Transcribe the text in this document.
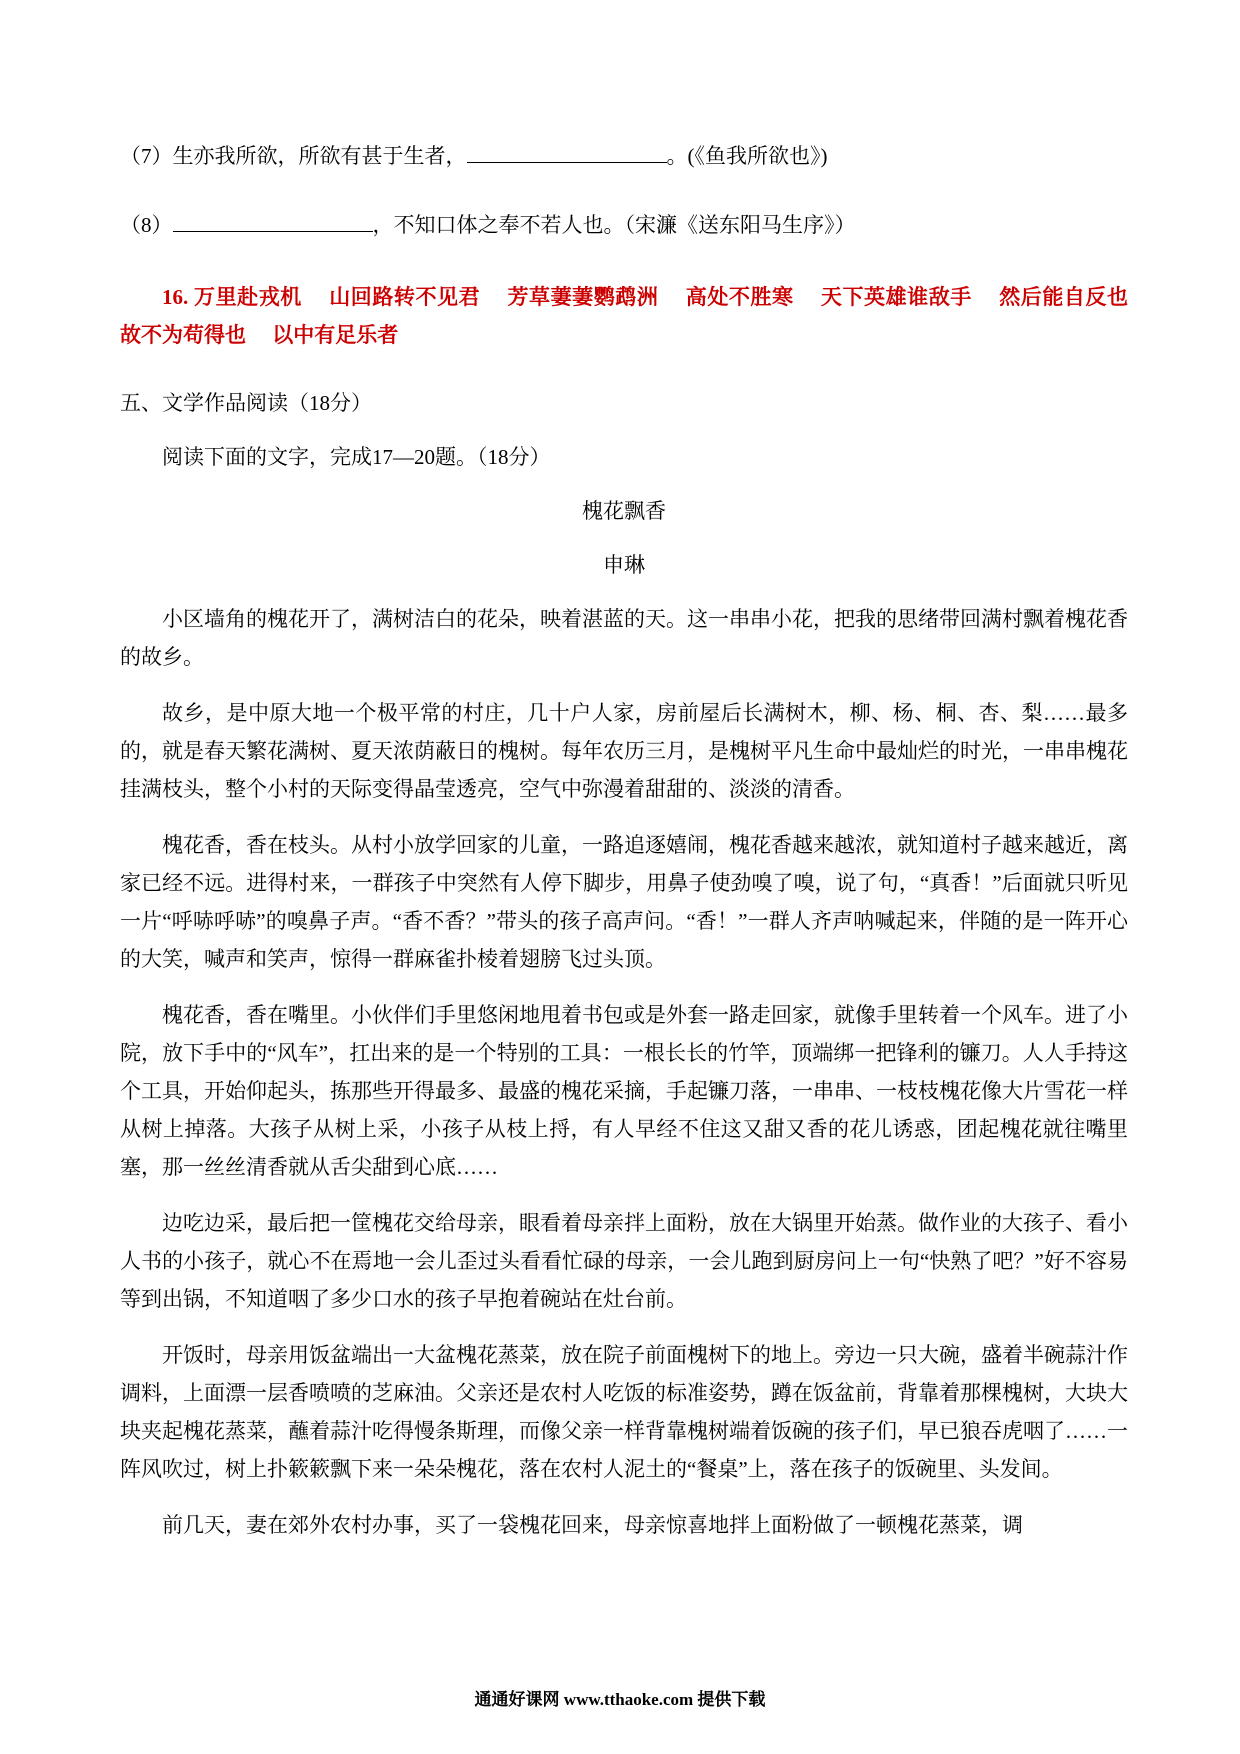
（7）生亦我所欲，所欲有甚于生者，	。(《鱼我所欲也》)
（8）	，不知口体之奉不若人也。（宋濂《送东阳马生序》）
16. 万里赴戎机　 山回路转不见君　 芳草萋萋鹦鹉洲　 高处不胜寒　 天下英雄谁敌手　 然后能自反也　 故不为苟得也　 以中有足乐者
五、文学作品阅读（18分）
阅读下面的文字，完成17—20题。（18分）
槐花飘香
申琳

小区墙角的槐花开了，满树洁白的花朵，映着湛蓝的天。这一串串小花，把我的思绪带回满村飘着槐花香的故乡。

故乡，是中原大地一个极平常的村庄，几十户人家，房前屋后长满树木，柳、杨、桐、杏、梨……最多的，就是春天繁花满树、夏天浓荫蔽日的槐树。每年农历三月，是槐树平凡生命中最灿烂的时光，一串串槐花挂满枝头，整个小村的天际变得晶莹透亮，空气中弥漫着甜甜的、淡淡的清香。

槐花香，香在枝头。从村小放学回家的儿童，一路追逐嬉闹，槐花香越来越浓，就知道村子越来越近，离家已经不远。进得村来，一群孩子中突然有人停下脚步，用鼻子使劲嗅了嗅，说了句，“真香！”后面就只听见一片“呼哧呼哧”的嗅鼻子声。“香不香？”带头的孩子高声问。“香！”一群人齐声呐喊起来，伴随的是一阵开心的大笑，喊声和笑声，惊得一群麻雀扑棱着翅膀飞过头顶。

槐花香，香在嘴里。小伙伴们手里悠闲地甩着书包或是外套一路走回家，就像手里转着一个风车。进了小院，放下手中的“风车”，扛出来的是一个特别的工具：一根长长的竹竿，顶端绑一把锋利的镰刀。人人手持这个工具，开始仰起头，拣那些开得最多、最盛的槐花采摘，手起镰刀落，一串串、一枝枝槐花像大片雪花一样从树上掉落。大孩子从树上采，小孩子从枝上捋，有人早经不住这又甜又香的花儿诱惑，团起槐花就往嘴里塞，那一丝丝清香就从舌尖甜到心底……

边吃边采，最后把一筐槐花交给母亲，眼看着母亲拌上面粉，放在大锅里开始蒸。做作业的大孩子、看小人书的小孩子，就心不在焉地一会儿歪过头看看忙碌的母亲，一会儿跑到厨房问上一句“快熟了吧？”好不容易等到出锅，不知道咽了多少口水的孩子早抱着碗站在灶台前。

开饭时，母亲用饭盆端出一大盆槐花蒸菜，放在院子前面槐树下的地上。旁边一只大碗，盛着半碗蒜汁作调料，上面漂一层香喷喷的芝麻油。父亲还是农村人吃饭的标准姿势，蹲在饭盆前，背靠着那棵槐树，大块大块夹起槐花蒸菜，蘸着蒜汁吃得慢条斯理，而像父亲一样背靠槐树端着饭碗的孩子们，早已狼吞虎咽了……一阵风吹过，树上扑簌簌飘下来一朵朵槐花，落在农村人泥土的“餐桌”上，落在孩子的饭碗里、头发间。

前几天，妻在郊外农村办事，买了一袋槐花回来，母亲惊喜地拌上面粉做了一顿槐花蒸菜，调

通通好课网 www.tthaoke.com 提供下载
